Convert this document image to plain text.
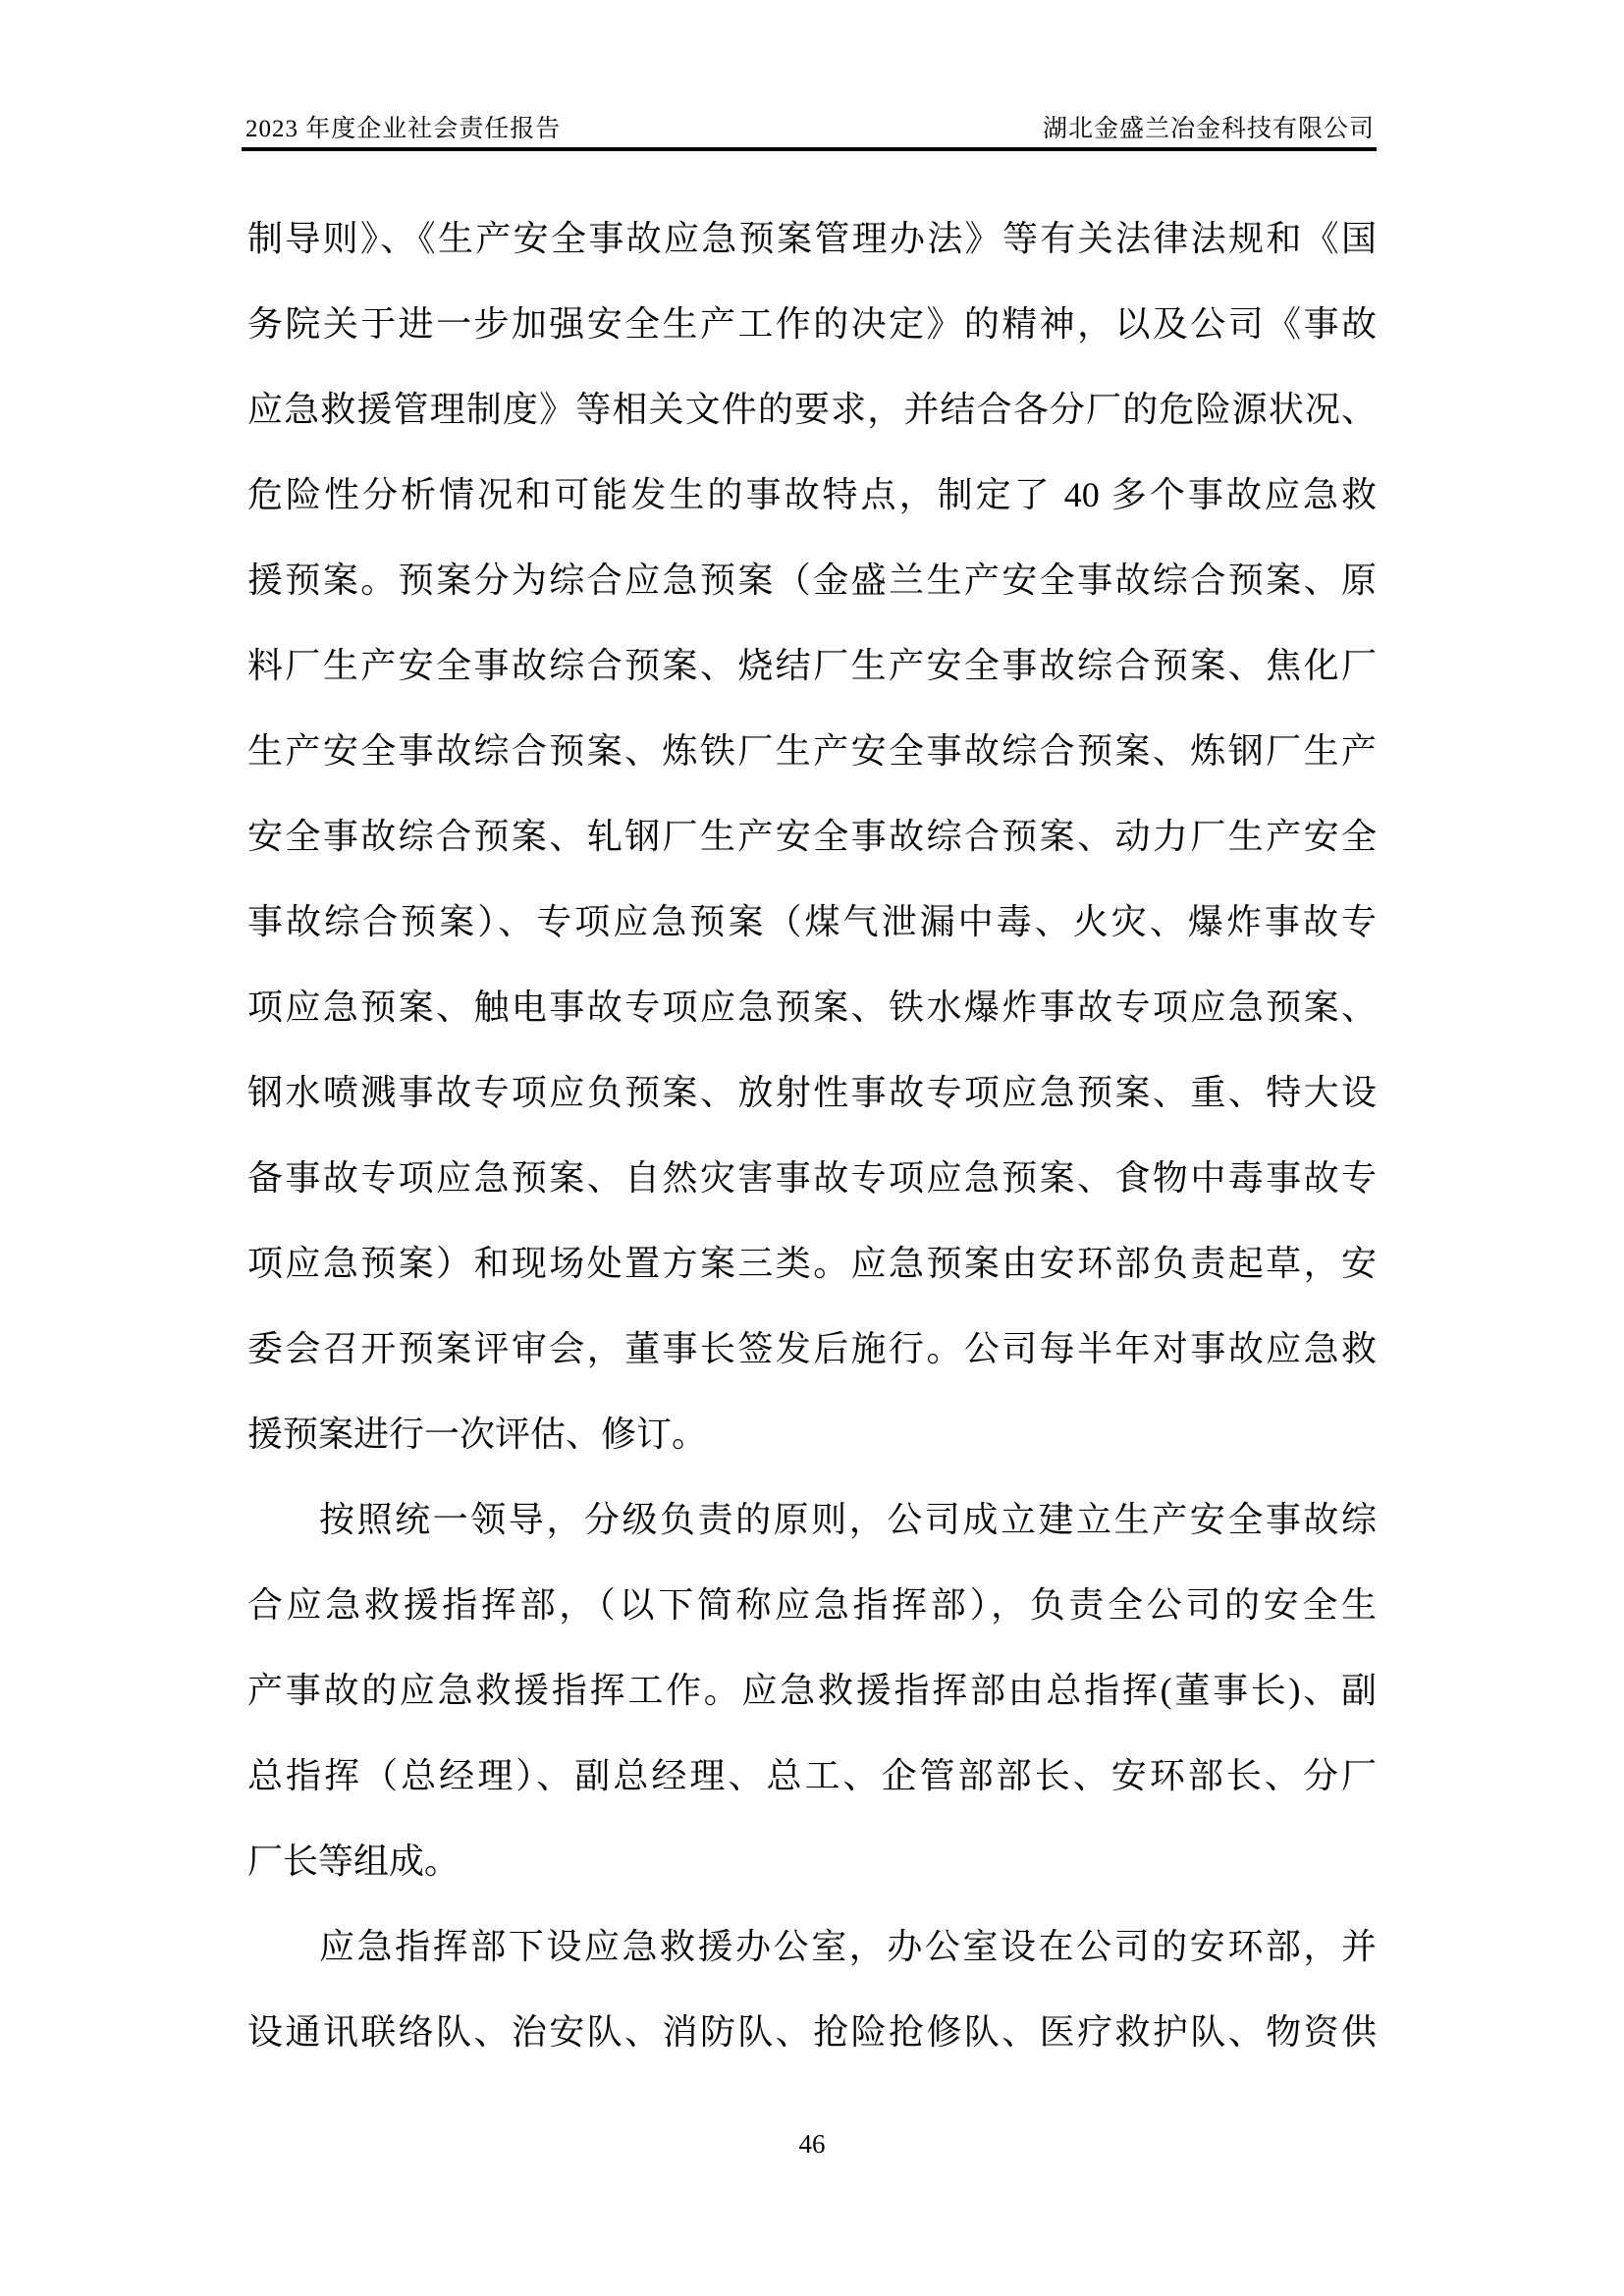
2023 年度企业社会责任报告	湖北金盛兰冶金科技有限公司
制导则》、《生产安全事故应急预案管理办法》等有关法律法规和《国
务院关于进一步加强安全生产工作的决定》的精神，以及公司《事故
应急救援管理制度》等相关文件的要求，并结合各分厂的危险源状况、
危险性分析情况和可能发生的事故特点，制定了 40 多个事故应急救
援预案。预案分为综合应急预案（金盛兰生产安全事故综合预案、原
料厂生产安全事故综合预案、烧结厂生产安全事故综合预案、焦化厂
生产安全事故综合预案、炼铁厂生产安全事故综合预案、炼钢厂生产
安全事故综合预案、轧钢厂生产安全事故综合预案、动力厂生产安全
事故综合预案）、专项应急预案（煤气泄漏中毒、火灾、爆炸事故专
项应急预案、触电事故专项应急预案、铁水爆炸事故专项应急预案、
钢水喷溅事故专项应负预案、放射性事故专项应急预案、重、特大设
备事故专项应急预案、自然灾害事故专项应急预案、食物中毒事故专
项应急预案）和现场处置方案三类。应急预案由安环部负责起草，安
委会召开预案评审会，董事长签发后施行。公司每半年对事故应急救
援预案进行一次评估、修订。
按照统一领导，分级负责的原则，公司成立建立生产安全事故综
合应急救援指挥部，（以下简称应急指挥部），负责全公司的安全生
产事故的应急救援指挥工作。应急救援指挥部由总指挥(董事长)、副
总指挥（总经理）、副总经理、总工、企管部部长、安环部长、分厂
厂长等组成。
应急指挥部下设应急救援办公室，办公室设在公司的安环部，并
设通讯联络队、治安队、消防队、抢险抢修队、医疗救护队、物资供
46
